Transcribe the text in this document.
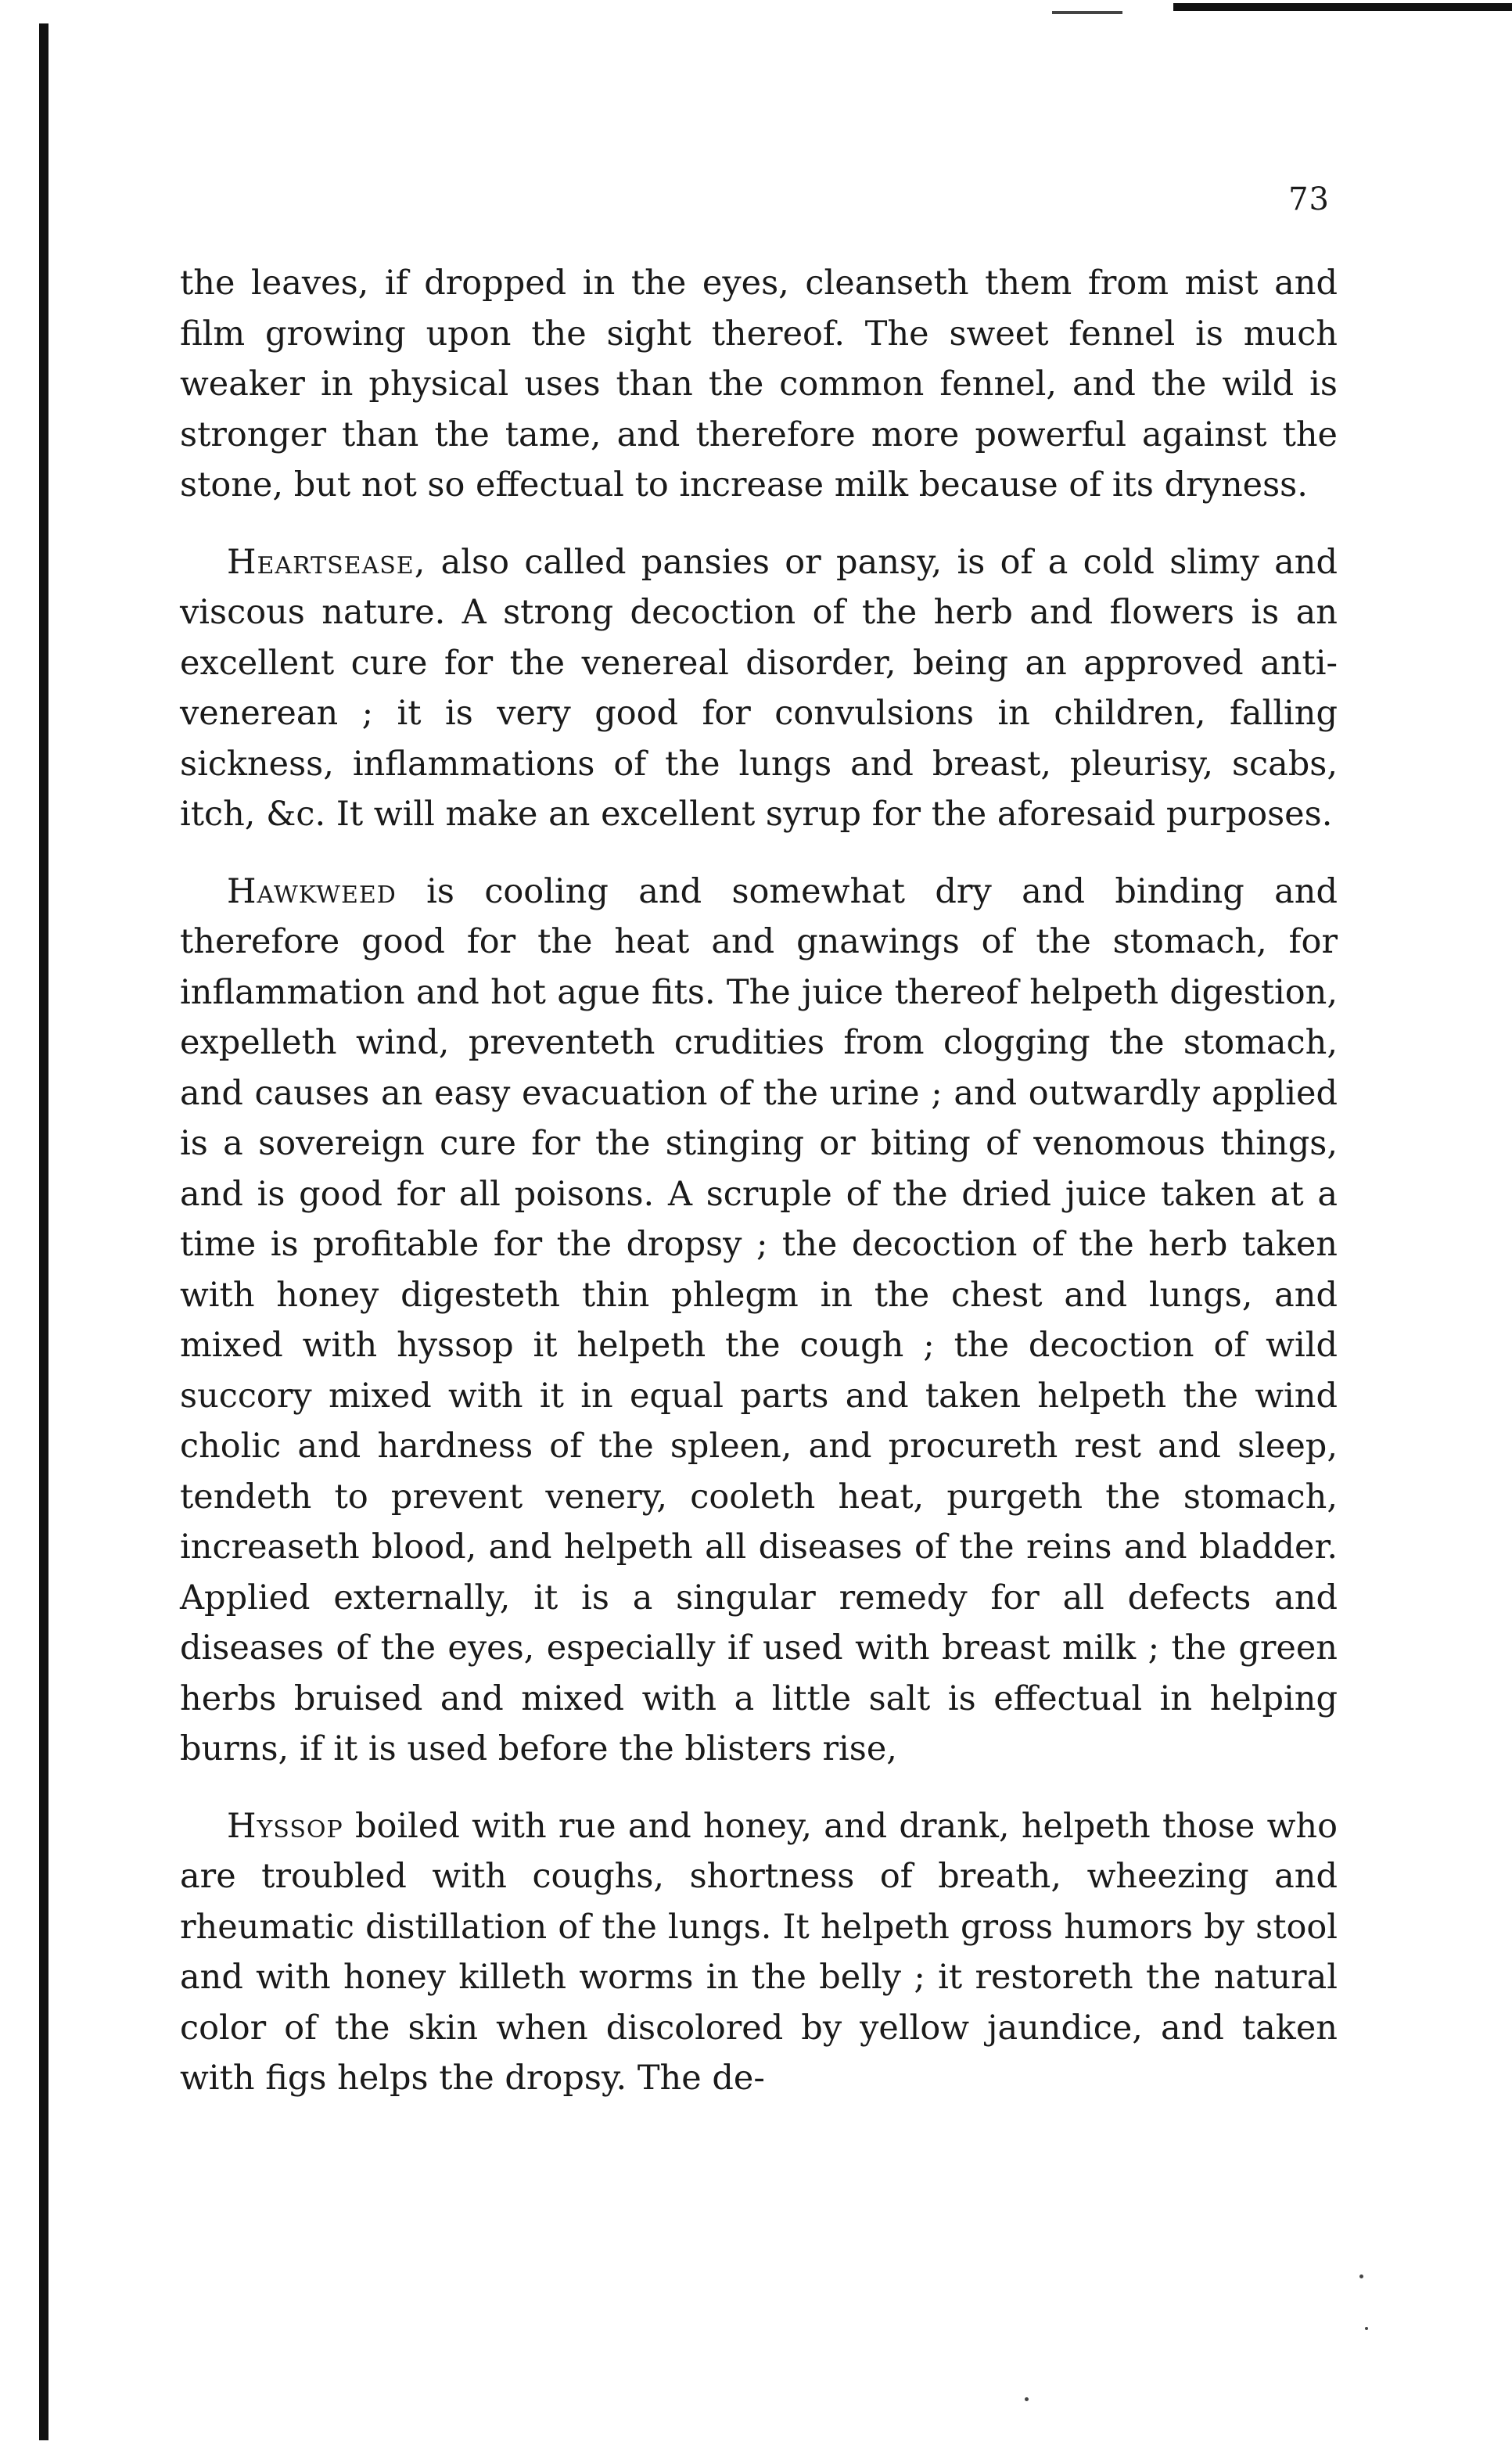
73

the leaves, if dropped in the eyes, cleanseth them from mist and film growing upon the sight thereof. The sweet fennel is much weaker in physical uses than the common fennel, and the wild is stronger than the tame, and therefore more powerful against the stone, but not so effectual to increase milk because of its dryness.

Heartsease, also called pansies or pansy, is of a cold slimy and viscous nature. A strong decoction of the herb and flowers is an excellent cure for the venereal disorder, being an approved anti-venerean ; it is very good for convulsions in children, falling sickness, inflammations of the lungs and breast, pleurisy, scabs, itch, &c. It will make an excellent syrup for the aforesaid purposes.

Hawkweed is cooling and somewhat dry and binding and therefore good for the heat and gnawings of the stomach, for inflammation and hot ague fits. The juice thereof helpeth digestion, expelleth wind, preventeth crudities from clogging the stomach, and causes an easy evacuation of the urine ; and outwardly applied is a sovereign cure for the stinging or biting of venomous things, and is good for all poisons. A scruple of the dried juice taken at a time is profitable for the dropsy ; the decoction of the herb taken with honey digesteth thin phlegm in the chest and lungs, and mixed with hyssop it helpeth the cough ; the decoction of wild succory mixed with it in equal parts and taken helpeth the wind cholic and hardness of the spleen, and procureth rest and sleep, tendeth to prevent venery, cooleth heat, purgeth the stomach, increaseth blood, and helpeth all diseases of the reins and bladder. Applied externally, it is a singular remedy for all defects and diseases of the eyes, especially if used with breast milk ; the green herbs bruised and mixed with a little salt is effectual in helping burns, if it is used before the blisters rise,

Hyssop boiled with rue and honey, and drank, helpeth those who are troubled with coughs, shortness of breath, wheezing and rheumatic distillation of the lungs. It helpeth gross humors by stool and with honey killeth worms in the belly ; it restoreth the natural color of the skin when discolored by yellow jaundice, and taken with figs helps the dropsy. The de-
